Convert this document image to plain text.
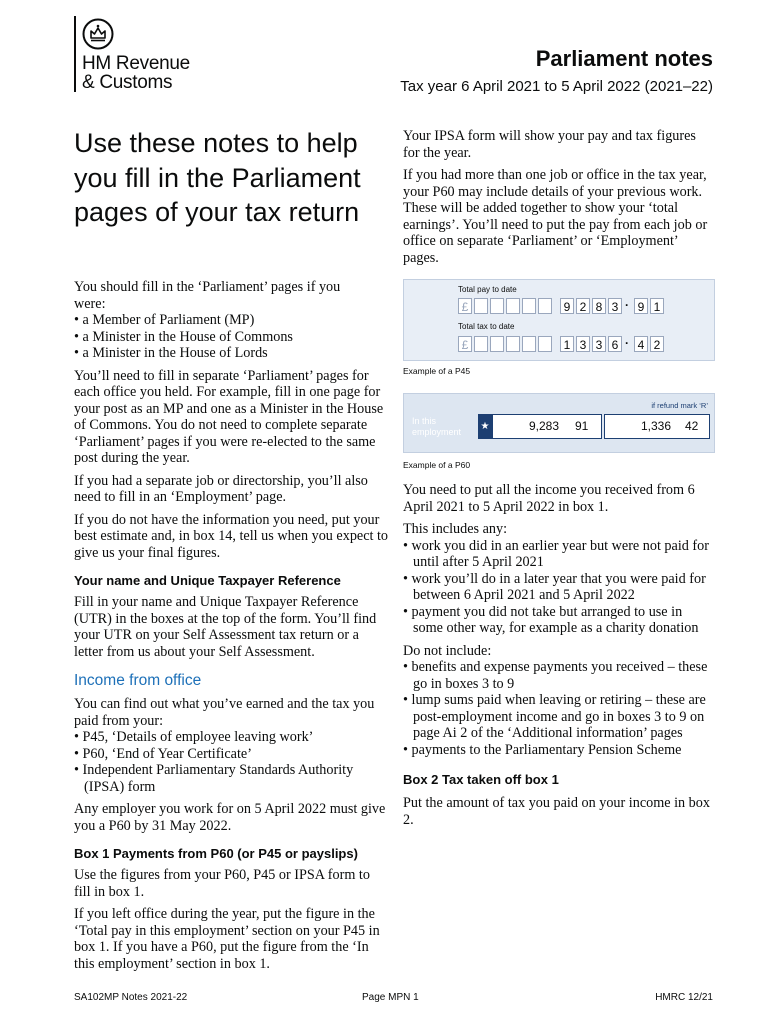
HM Revenue
& Customs
Parliament notes
Tax year 6 April 2021 to 5 April 2022 (2021–22)
Use these notes to help you fill in the Parliament pages of your tax return

You should fill in the ‘Parliament’ pages if you were:

• a Member of Parliament (MP)
• a Minister in the House of Commons
• a Minister in the House of Lords

You’ll need to fill in separate ‘Parliament’ pages for each office you held. For example, fill in one page for your post as an MP and one as a Minister in the House of Commons. You do not need to complete separate ‘Parliament’ pages if you were re-elected to the same post during the year.

If you had a separate job or directorship, you’ll also need to fill in an ‘Employment’ page.

If you do not have the information you need, put your best estimate and, in box 14, tell us when you expect to give us your final figures.

Your name and Unique Taxpayer Reference

Fill in your name and Unique Taxpayer Reference (UTR) in the boxes at the top of the form. You’ll find your UTR on your Self Assessment tax return or a letter from us about your Self Assessment.

Income from office

You can find out what you’ve earned and the tax you paid from your:

• P45, ‘Details of employee leaving work’
• P60, ‘End of Year Certificate’
• Independent Parliamentary Standards Authority (IPSA) form

Any employer you work for on 5 April 2022 must give you a P60 by 31 May 2022.

Box 1 Payments from P60 (or P45 or payslips)

Use the figures from your P60, P45 or IPSA form to fill in box 1.

If you left office during the year, put the figure in the ‘Total pay in this employment’ section on your P45 in box 1. If you have a P60, put the figure from the ‘In this employment’ section in box 1.

Your IPSA form will show your pay and tax figures for the year.

If you had more than one job or office in the tax year, your P60 may include details of your previous work. These will be added together to show your ‘total earnings’. You’ll need to put the pay from each job or office on separate ‘Parliament’ or ‘Employment’ pages.

Total pay to date
£	9 2 8 3 · 9 1
Total tax to date
£	1 3 3 6 · 4 2
Example of a P45
if refund mark ‘R’
In this employment	★	9,283 91	1,336 42
Example of a P60

You need to put all the income you received from 6 April 2021 to 5 April 2022 in box 1.

This includes any:

• work you did in an earlier year but were not paid for until after 5 April 2021
• work you’ll do in a later year that you were paid for between 6 April 2021 and 5 April 2022
• payment you did not take but arranged to use in some other way, for example as a charity donation

Do not include:

• benefits and expense payments you received – these go in boxes 3 to 9
• lump sums paid when leaving or retiring – these are post-employment income and go in boxes 3 to 9 on page Ai 2 of the ‘Additional information’ pages
• payments to the Parliamentary Pension Scheme
Box 2 Tax taken off box 1

Put the amount of tax you paid on your income in box 2.

SA102MP Notes 2021-22	Page MPN 1	HMRC 12/21
